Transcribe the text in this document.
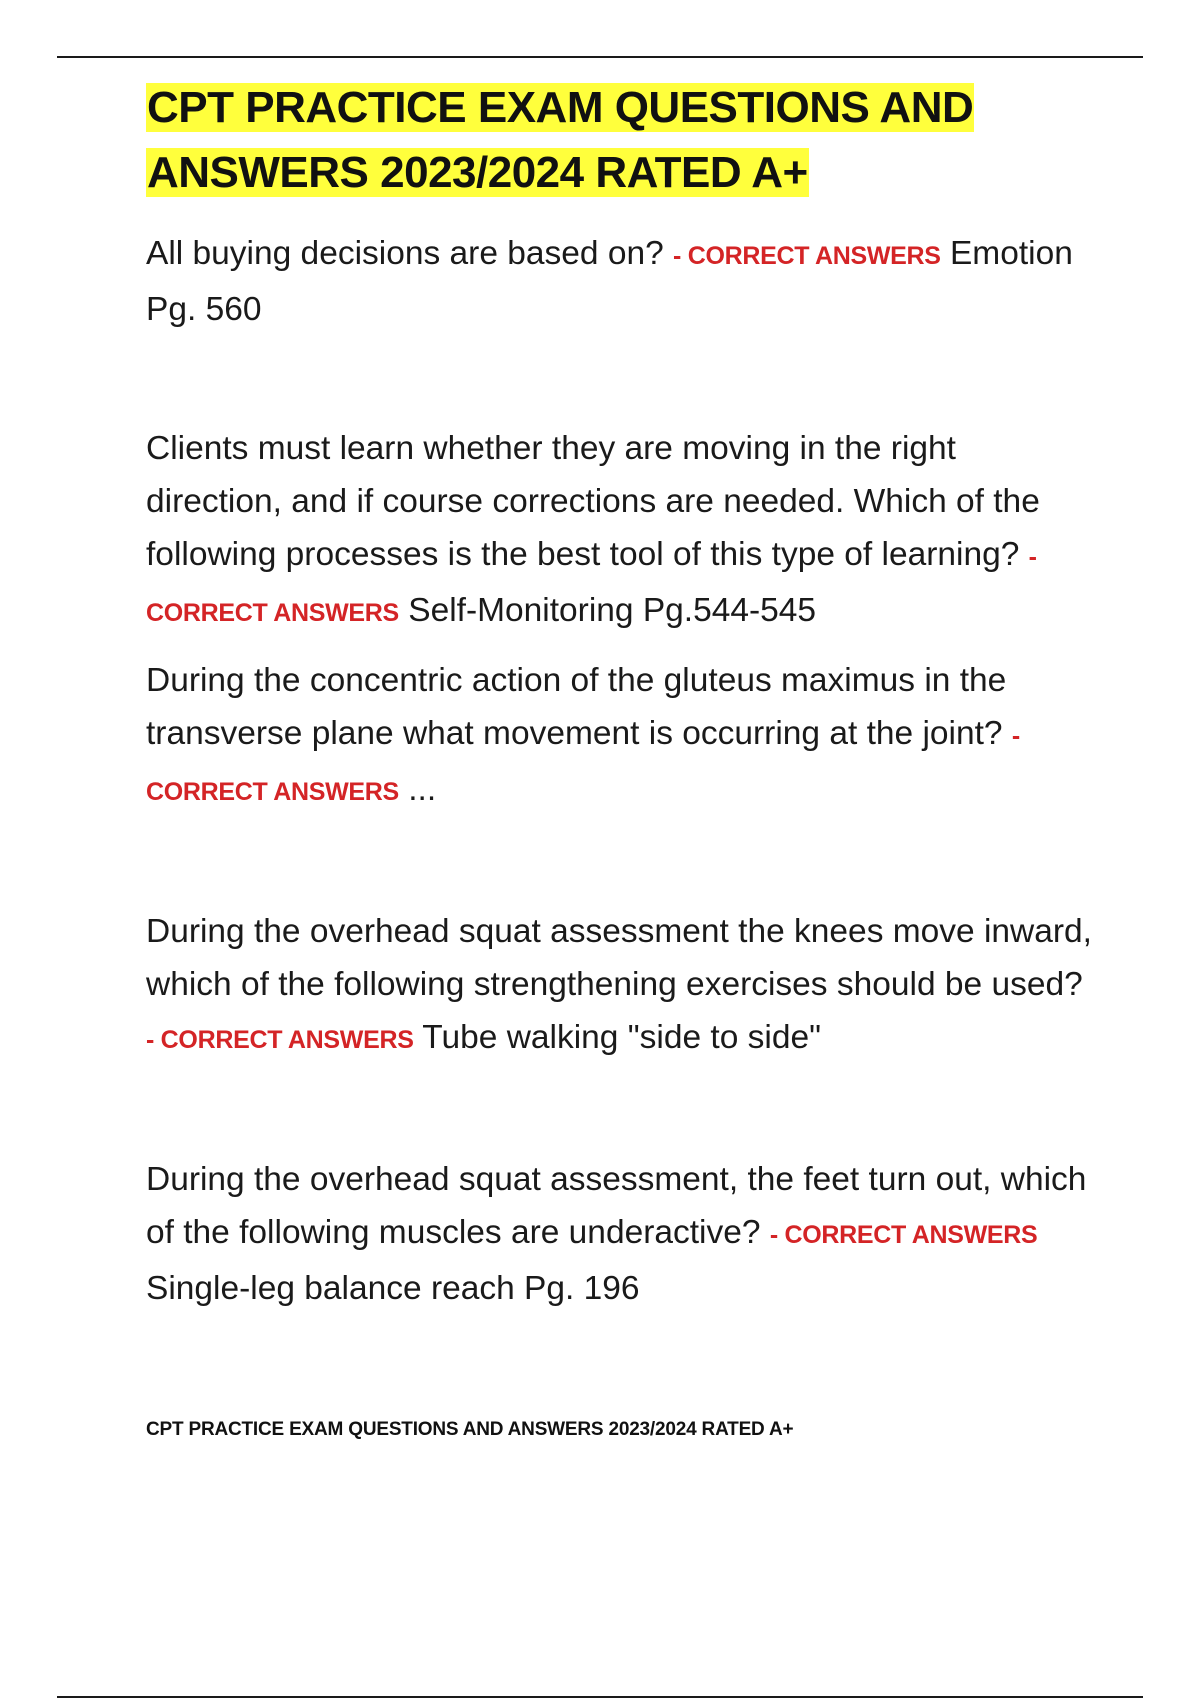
CPT PRACTICE EXAM QUESTIONS AND ANSWERS 2023/2024 RATED A+

All buying decisions are based on? - CORRECT ANSWERS Emotion Pg. 560

Clients must learn whether they are moving in the right direction, and if course corrections are needed. Which of the following processes is the best tool of this type of learning? - CORRECT ANSWERS Self-Monitoring Pg.544-545

During the concentric action of the gluteus maximus in the transverse plane what movement is occurring at the joint? - CORRECT ANSWERS ...

During the overhead squat assessment the knees move inward, which of the following strengthening exercises should be used? - CORRECT ANSWERS Tube walking "side to side"

During the overhead squat assessment, the feet turn out, which of the following muscles are underactive? - CORRECT ANSWERS Single-leg balance reach Pg. 196

CPT PRACTICE EXAM QUESTIONS AND ANSWERS 2023/2024 RATED A+
